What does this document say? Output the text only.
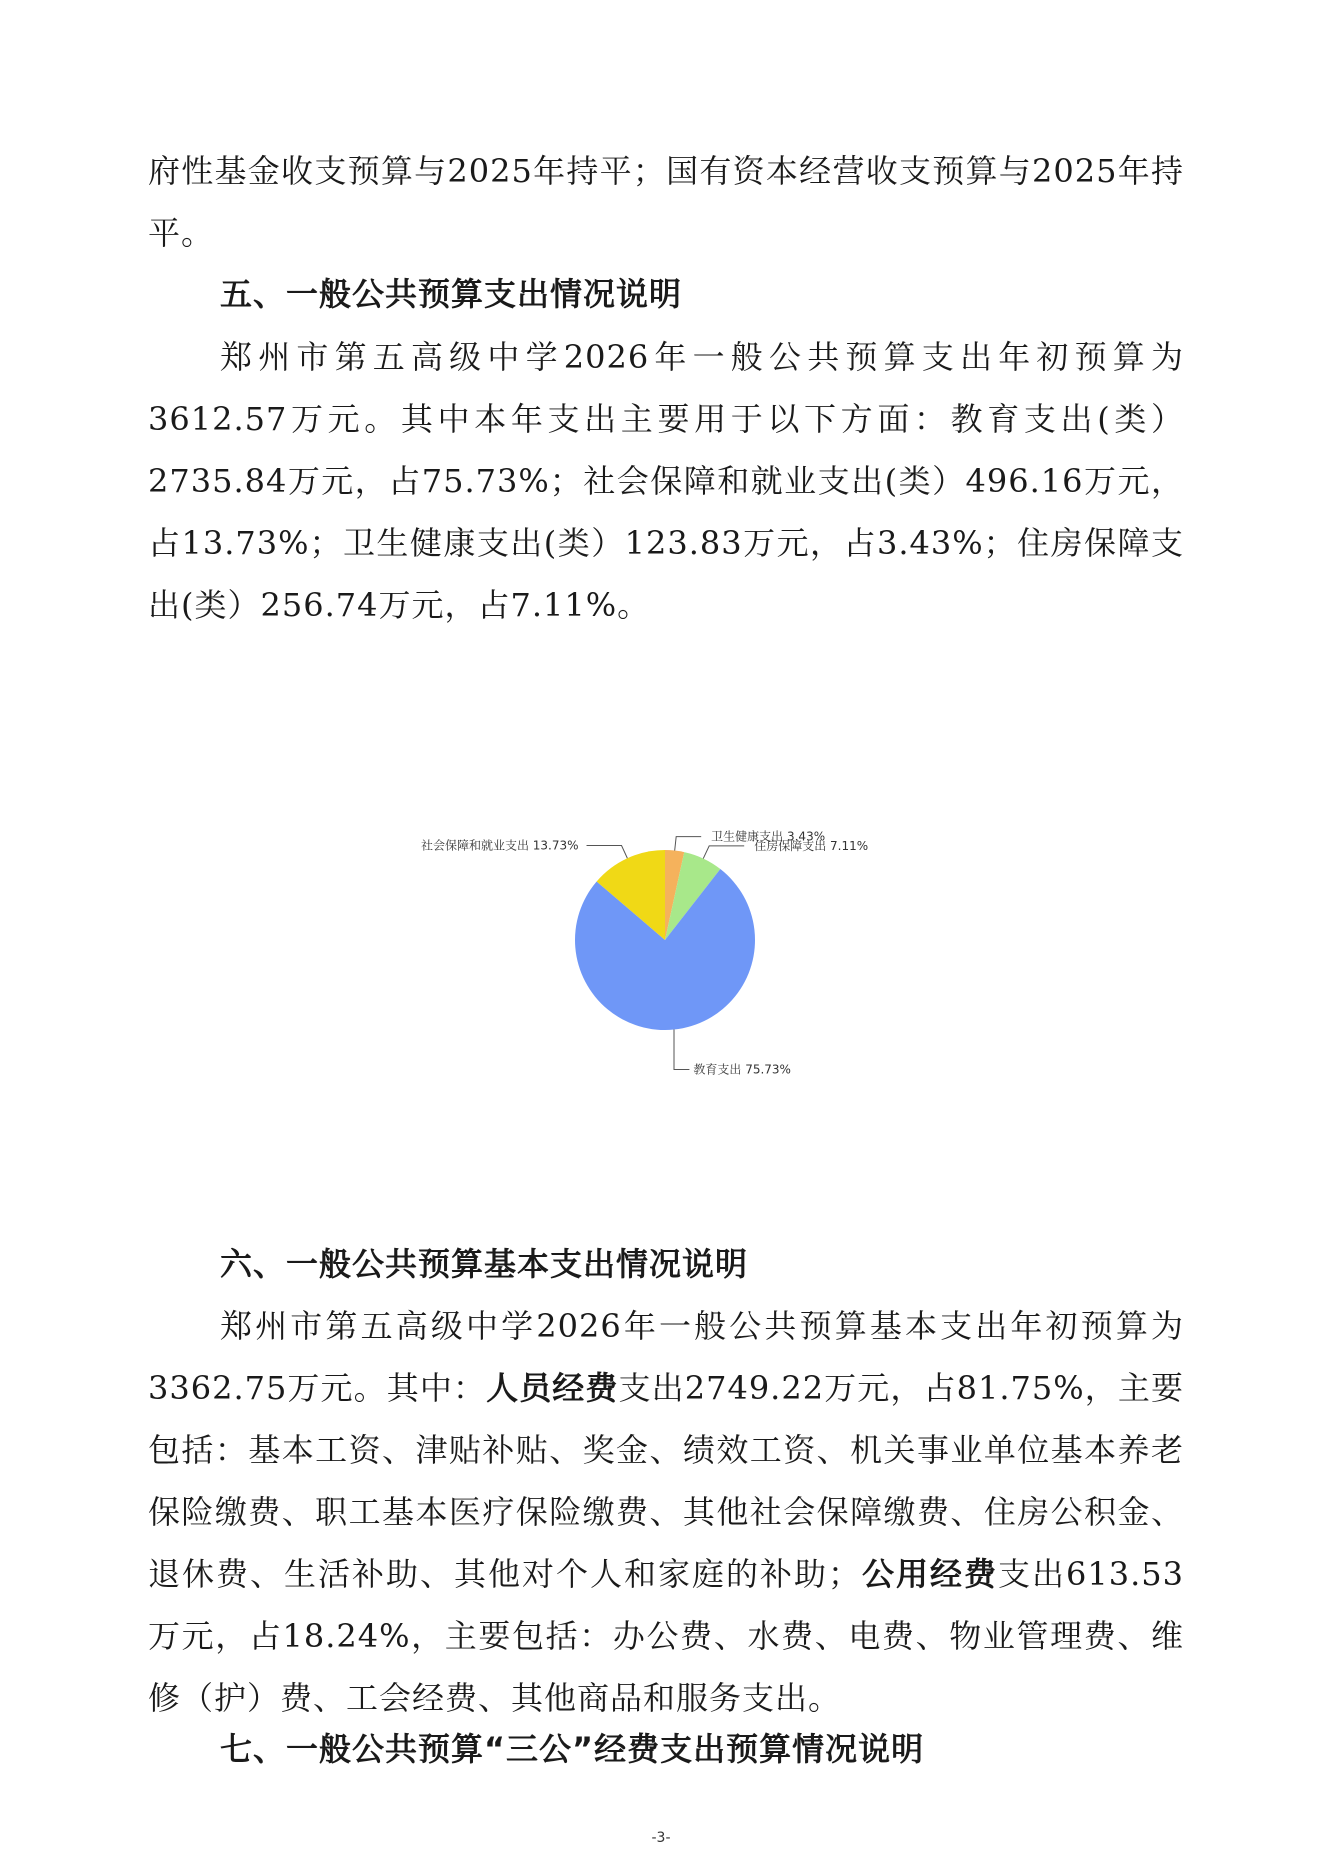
府性基金收支预算与2025年持平；国有资本经营收支预算与2025年持平。

五、一般公共预算支出情况说明

郑州市第五高级中学2026年一般公共预算支出年初预算为3612.57万元。其中本年支出主要用于以下方面：教育支出(类）2735.84万元，占75.73%；社会保障和就业支出(类）496.16万元，占13.73%；卫生健康支出(类）123.83万元，占3.43%；住房保障支出(类）256.74万元，占7.11%。

卫生健康支出 3.43%
住房保障支出 7.11%
教育支出 75.73%
社会保障和就业支出 13.73%
六、一般公共预算基本支出情况说明

郑州市第五高级中学2026年一般公共预算基本支出年初预算为3362.75万元。其中：人员经费支出2749.22万元，占81.75%，主要包括：基本工资、津贴补贴、奖金、绩效工资、机关事业单位基本养老保险缴费、职工基本医疗保险缴费、其他社会保障缴费、住房公积金、退休费、生活补助、其他对个人和家庭的补助；公用经费支出613.53万元，占18.24%，主要包括：办公费、水费、电费、物业管理费、维修（护）费、工会经费、其他商品和服务支出。

七、一般公共预算“三公”经费支出预算情况说明
-3-
